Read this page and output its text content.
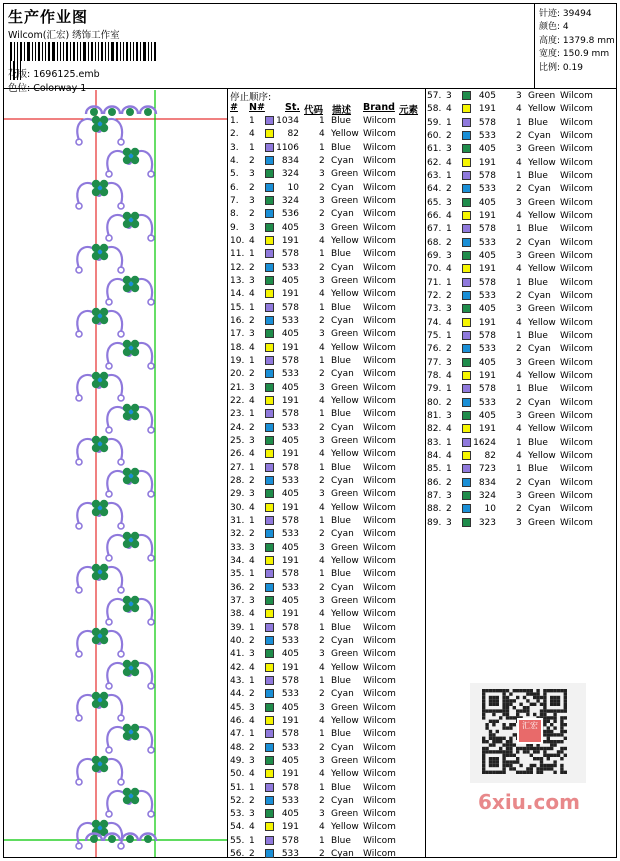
生产作业图
Wilcom(汇宏) 绣饰工作室
花版: 1696125.emb
色位: Colorway 1
针迹: 39494
颜色: 4
高度: 1379.8 mm
宽度: 150.9 mm
比例: 0.19
停止顺序:
# N# St. 代码 描述 Brand 元素
1. 1	1034 1 Blue Wilcom
2. 4	82 4 Yellow Wilcom
3. 1	1106 1 Blue Wilcom
4. 2	834 2 Cyan Wilcom
5. 3	324 3 Green Wilcom
6. 2	10 2 Cyan Wilcom
7. 3	324 3 Green Wilcom
8. 2	536 2 Cyan Wilcom
9. 3	405 3 Green Wilcom
10. 4	191 4 Yellow Wilcom
11. 1	578 1 Blue Wilcom
12. 2	533 2 Cyan Wilcom
13. 3	405 3 Green Wilcom
14. 4	191 4 Yellow Wilcom
15. 1	578 1 Blue Wilcom
16. 2	533 2 Cyan Wilcom
17. 3	405 3 Green Wilcom
18. 4	191 4 Yellow Wilcom
19. 1	578 1 Blue Wilcom
20. 2	533 2 Cyan Wilcom
21. 3	405 3 Green Wilcom
22. 4	191 4 Yellow Wilcom
23. 1	578 1 Blue Wilcom
24. 2	533 2 Cyan Wilcom
25. 3	405 3 Green Wilcom
26. 4	191 4 Yellow Wilcom
27. 1	578 1 Blue Wilcom
28. 2	533 2 Cyan Wilcom
29. 3	405 3 Green Wilcom
30. 4	191 4 Yellow Wilcom
31. 1	578 1 Blue Wilcom
32. 2	533 2 Cyan Wilcom
33. 3	405 3 Green Wilcom
34. 4	191 4 Yellow Wilcom
35. 1	578 1 Blue Wilcom
36. 2	533 2 Cyan Wilcom
37. 3	405 3 Green Wilcom
38. 4	191 4 Yellow Wilcom
39. 1	578 1 Blue Wilcom
40. 2	533 2 Cyan Wilcom
41. 3	405 3 Green Wilcom
42. 4	191 4 Yellow Wilcom
43. 1	578 1 Blue Wilcom
44. 2	533 2 Cyan Wilcom
45. 3	405 3 Green Wilcom
46. 4	191 4 Yellow Wilcom
47. 1	578 1 Blue Wilcom
48. 2	533 2 Cyan Wilcom
49. 3	405 3 Green Wilcom
50. 4	191 4 Yellow Wilcom
51. 1	578 1 Blue Wilcom
52. 2	533 2 Cyan Wilcom
53. 3	405 3 Green Wilcom
54. 4	191 4 Yellow Wilcom
55. 1	578 1 Blue Wilcom
56. 2	533 2 Cyan Wilcom
57. 3	405 3 Green Wilcom
58. 4	191 4 Yellow Wilcom
59. 1	578 1 Blue Wilcom
60. 2	533 2 Cyan Wilcom
61. 3	405 3 Green Wilcom
62. 4	191 4 Yellow Wilcom
63. 1	578 1 Blue Wilcom
64. 2	533 2 Cyan Wilcom
65. 3	405 3 Green Wilcom
66. 4	191 4 Yellow Wilcom
67. 1	578 1 Blue Wilcom
68. 2	533 2 Cyan Wilcom
69. 3	405 3 Green Wilcom
70. 4	191 4 Yellow Wilcom
71. 1	578 1 Blue Wilcom
72. 2	533 2 Cyan Wilcom
73. 3	405 3 Green Wilcom
74. 4	191 4 Yellow Wilcom
75. 1	578 1 Blue Wilcom
76. 2	533 2 Cyan Wilcom
77. 3	405 3 Green Wilcom
78. 4	191 4 Yellow Wilcom
79. 1	578 1 Blue Wilcom
80. 2	533 2 Cyan Wilcom
81. 3	405 3 Green Wilcom
82. 4	191 4 Yellow Wilcom
83. 1	1624 1 Blue Wilcom
84. 4	82 4 Yellow Wilcom
85. 1	723 1 Blue Wilcom
86. 2	834 2 Cyan Wilcom
87. 3	324 3 Green Wilcom
88. 2	10 2 Cyan Wilcom
89. 3	323 3 Green Wilcom
汇宏
6xiu.com
